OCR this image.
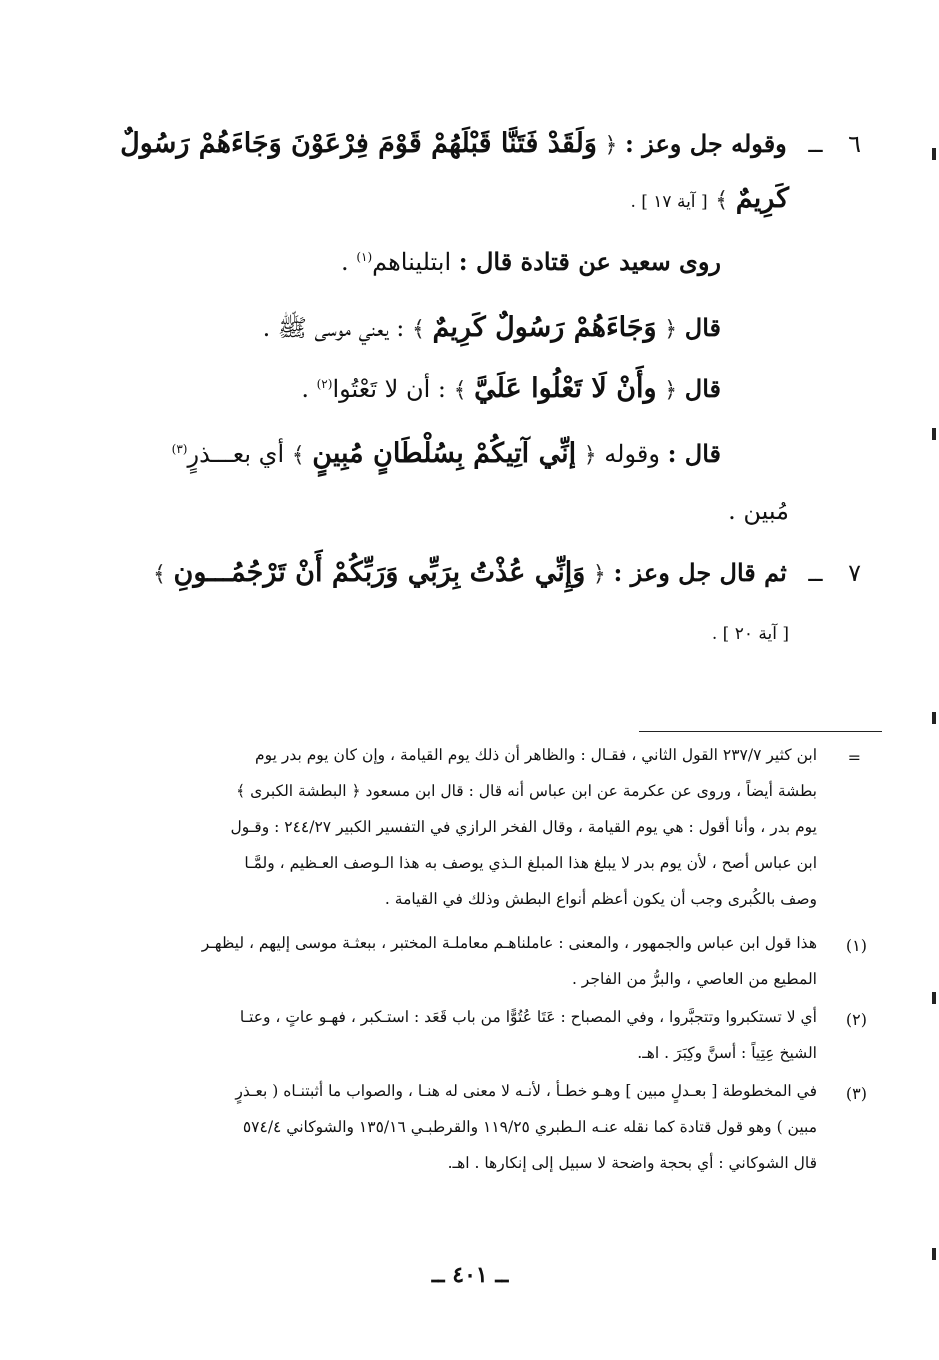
٦ ــ وقوله جل وعز : ﴿ وَلَقَدْ فَتَنَّا قَبْلَهُمْ قَوْمَ فِرْعَوْنَ وَجَاءَهُمْ رَسُولٌ
كَرِيمٌ ﴾ [ آية ١٧ ] .
روى سعيد عن قتادة قال : ابتليناهم$^{(١)}$ .
قال ﴿ وَجَاءَهُمْ رَسُولٌ كَرِيمٌ ﴾ : يعني موسى ﷺ .
قال ﴿ وأَنْ لَا تَعْلُوا عَلَيَّ ﴾ : أن لا تَعْتُوا$^{(٢)}$ .
قال : وقوله ﴿ إنِّي آتِيكُمْ بِسُلْطَانٍ مُبِينٍ ﴾ أي بعـــذرٍ$^{(٣)}$
مُبين .
٧ ــ ثم قال جل وعز : ﴿ وَإِنِّي عُذْتُ بِرَبِّي وَرَبِّكُمْ أَنْ تَرْجُمُـــونِ ﴾
[ آية ٢٠ ] .
=
ابن كثير ٢٣٧/٧ القول الثاني ، فقـال : والظاهر أن ذلك يوم القيامة ، وإن كان يوم بدر يوم
بطشة أيضاً ، وروى عن عكرمة عن ابن عباس أنه قال : قال ابن مسعود ﴿ البطشة الكبرى ﴾
يوم بدر ، وأنا أقول : هي يوم القيامة ، وقال الفخر الرازي في التفسير الكبير ٢٤٤/٢٧ : وقـول
ابن عباس أصح ، لأن يوم بدر لا يبلغ هذا المبلغ الـذي يوصف به هذا الـوصف العـظيم ، ولمَّـا
وصف بالكُبرى وجب أن يكون أعظم أنواع البطش وذلك في القيامة .
(١)
هذا قول ابن عباس والجمهور ، والمعنى : عاملناهـم معاملـة المختبر ، ببعثـة موسى إليهم ، ليظهـر
المطيع من العاصي ، والبرُّ من الفاجر .
(٢)
أي لا تستكبروا وتتجبَّروا ، وفي المصباح : عَتَا عُتُوًّا من باب قَعَد : استـكبر ، فهـو عاتٍ ، وعتـا
الشيخ عِتِياً : أسنَّ وكِبَرَ . اهـ.
(٣)
في المخطوطة [ بعـدلٍ مبين ] وهـو خطـأ ، لأنـه لا معنى له هنـا ، والصواب ما أثبتنـاه ( بعـذرٍ
مبين ) وهو قول قتادة كما نقله عنـه الـطبري ١١٩/٢٥ والقرطبـي ١٣٥/١٦ والشوكاني ٥٧٤/٤
قال الشوكاني : أي بحجة واضحة لا سبيل إلى إنكارها . اهـ.
ــ ٤٠١ ــ
